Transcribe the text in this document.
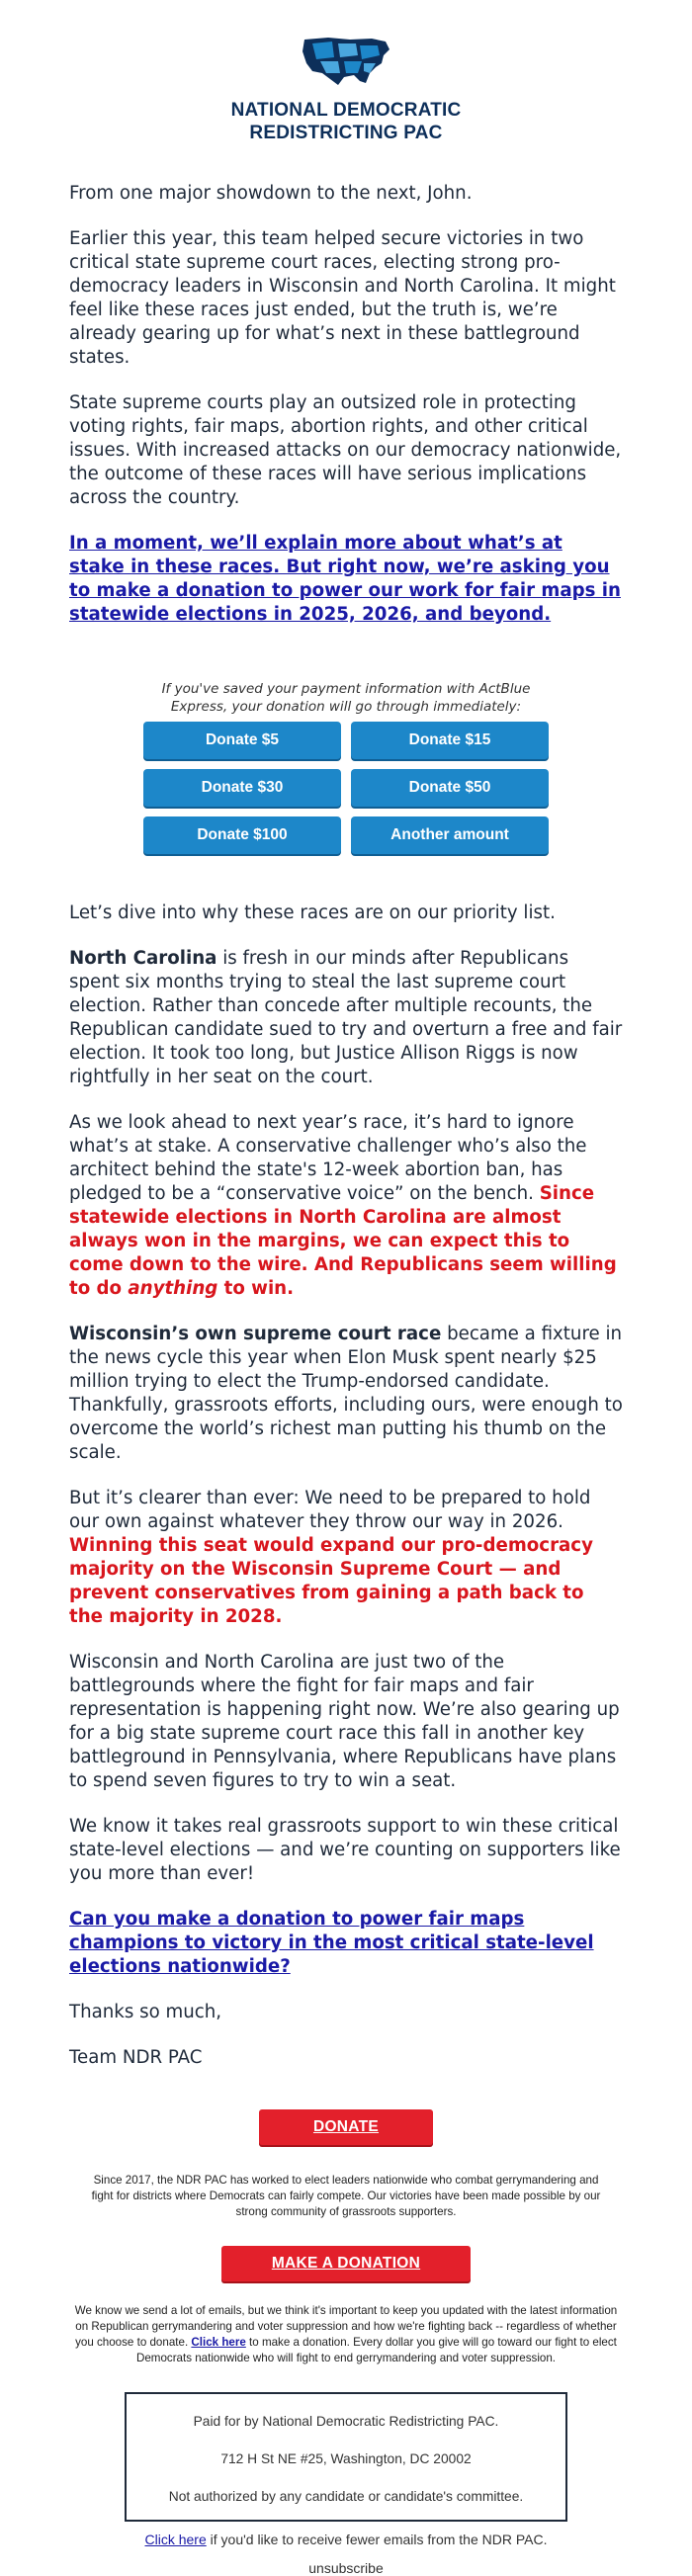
NATIONAL DEMOCRATIC
REDISTRICTING PAC

From one major showdown to the next, John.

Earlier this year, this team helped secure victories in two critical state supreme court races, electing strong pro-democracy leaders in Wisconsin and North Carolina. It might feel like these races just ended, but the truth is, we’re already gearing up for what’s next in these battleground states.

State supreme courts play an outsized role in protecting voting rights, fair maps, abortion rights, and other critical issues. With increased attacks on our democracy nationwide, the outcome of these races will have serious implications across the country.

In a moment, we’ll explain more about what’s at stake in these races. But right now, we’re asking you to make a donation to power our work for fair maps in statewide elections in 2025, 2026, and beyond.

If you've saved your payment information with ActBlue Express, your donation will go through immediately:
Donate $5	Donate $15
Donate $30	Donate $50
Donate $100	Another amount

Let’s dive into why these races are on our priority list.

North Carolina is fresh in our minds after Republicans spent six months trying to steal the last supreme court election. Rather than concede after multiple recounts, the Republican candidate sued to try and overturn a free and fair election. It took too long, but Justice Allison Riggs is now rightfully in her seat on the court.

As we look ahead to next year’s race, it’s hard to ignore what’s at stake. A conservative challenger who’s also the architect behind the state's 12-week abortion ban, has pledged to be a “conservative voice” on the bench. Since statewide elections in North Carolina are almost always won in the margins, we can expect this to come down to the wire. And Republicans seem willing to do anything to win.

Wisconsin’s own supreme court race became a fixture in the news cycle this year when Elon Musk spent nearly $25 million trying to elect the Trump-endorsed candidate. Thankfully, grassroots efforts, including ours, were enough to overcome the world’s richest man putting his thumb on the scale.

But it’s clearer than ever: We need to be prepared to hold our own against whatever they throw our way in 2026. Winning this seat would expand our pro-democracy majority on the Wisconsin Supreme Court — and prevent conservatives from gaining a path back to the majority in 2028.

Wisconsin and North Carolina are just two of the battlegrounds where the fight for fair maps and fair representation is happening right now. We’re also gearing up for a big state supreme court race this fall in another key battleground in Pennsylvania, where Republicans have plans to spend seven figures to try to win a seat.

We know it takes real grassroots support to win these critical state-level elections — and we’re counting on supporters like you more than ever!

Can you make a donation to power fair maps champions to victory in the most critical state-level elections nationwide?

Thanks so much,

Team NDR PAC

DONATE
Since 2017, the NDR PAC has worked to elect leaders nationwide who combat gerrymandering and fight for districts where Democrats can fairly compete. Our victories have been made possible by our strong community of grassroots supporters.
MAKE A DONATION
We know we send a lot of emails, but we think it's important to keep you updated with the latest information on Republican gerrymandering and voter suppression and how we're fighting back -- regardless of whether you choose to donate. Click here to make a donation. Every dollar you give will go toward our fight to elect Democrats nationwide who will fight to end gerrymandering and voter suppression.
Paid for by National Democratic Redistricting PAC.
712 H St NE #25, Washington, DC 20002
Not authorized by any candidate or candidate's committee.
Click here if you'd like to receive fewer emails from the NDR PAC.
unsubscribe
